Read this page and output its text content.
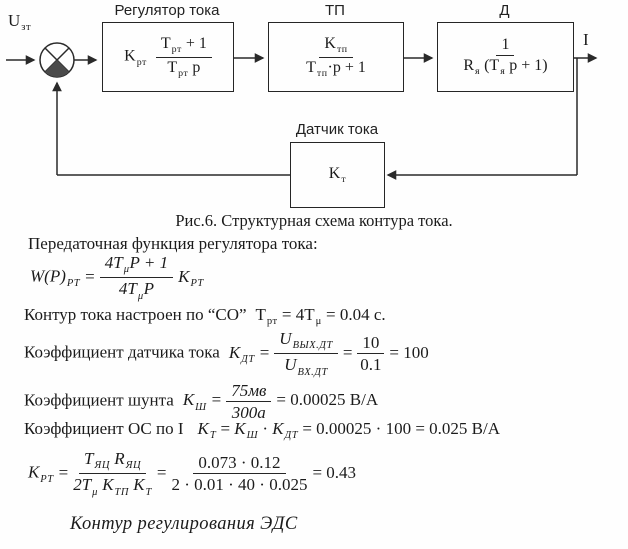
$U_{зт}$
I
Регулятор тока	ТП	Д
Датчик тока
$K_{рт} \frac{T_{рт} + 1}{T_{рт} p}$	$\frac{K_{тп}}{T_{тп}\cdot p + 1}$	$\frac{1}{R_я (T_я p + 1)}$
$K_т$
Рис.6. Структурная схема контура тока.
Передаточная функция регулятора тока:
$W(P)_{РТ} = \frac{4T_\mu P + 1}{4T_\mu P} K_{РТ}$
Контур тока настроен по “СО” $T_{рт} = 4T_\mu = 0.04$ с.
Коэффициент датчика тока $К_{ДТ} = \frac{U_{ВЫХ.ДТ}}{U_{ВХ.ДТ}} = \frac{10}{0.1} = 100$
Коэффициент шунта $К_Ш = \frac{75мв}{300а} = 0.00025$ В/А
Коэффициент ОС по I $К_Т = К_Ш \cdot К_{ДТ} = 0.00025 \cdot 100 = 0.025$ В/А
$К_{РТ} = \frac{T_{ЯЦ} R_{ЯЦ}}{2T_\mu К_{ТП} К_Т} = \frac{0.073 \cdot 0.12}{2 \cdot 0.01 \cdot 40 \cdot 0.025} = 0.43$
Контур регулирования ЭДС
